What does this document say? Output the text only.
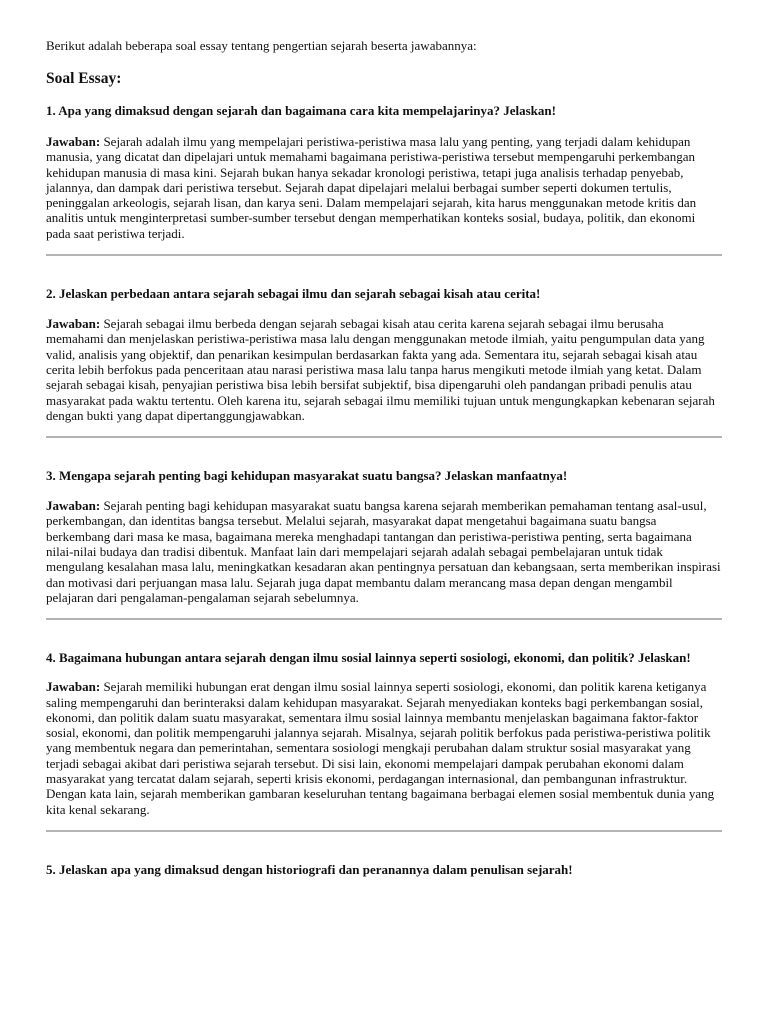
Berikut adalah beberapa soal essay tentang pengertian sejarah beserta jawabannya:

Soal Essay:

1. Apa yang dimaksud dengan sejarah dan bagaimana cara kita mempelajarinya? Jelaskan!

Jawaban: Sejarah adalah ilmu yang mempelajari peristiwa-peristiwa masa lalu yang penting, yang terjadi dalam kehidupan manusia, yang dicatat dan dipelajari untuk memahami bagaimana peristiwa-peristiwa tersebut mempengaruhi perkembangan kehidupan manusia di masa kini. Sejarah bukan hanya sekadar kronologi peristiwa, tetapi juga analisis terhadap penyebab, jalannya, dan dampak dari peristiwa tersebut. Sejarah dapat dipelajari melalui berbagai sumber seperti dokumen tertulis, peninggalan arkeologis, sejarah lisan, dan karya seni. Dalam mempelajari sejarah, kita harus menggunakan metode kritis dan analitis untuk menginterpretasi sumber-sumber tersebut dengan memperhatikan konteks sosial, budaya, politik, dan ekonomi pada saat peristiwa terjadi.

2. Jelaskan perbedaan antara sejarah sebagai ilmu dan sejarah sebagai kisah atau cerita!

Jawaban: Sejarah sebagai ilmu berbeda dengan sejarah sebagai kisah atau cerita karena sejarah sebagai ilmu berusaha memahami dan menjelaskan peristiwa-peristiwa masa lalu dengan menggunakan metode ilmiah, yaitu pengumpulan data yang valid, analisis yang objektif, dan penarikan kesimpulan berdasarkan fakta yang ada. Sementara itu, sejarah sebagai kisah atau cerita lebih berfokus pada penceritaan atau narasi peristiwa masa lalu tanpa harus mengikuti metode ilmiah yang ketat. Dalam sejarah sebagai kisah, penyajian peristiwa bisa lebih bersifat subjektif, bisa dipengaruhi oleh pandangan pribadi penulis atau masyarakat pada waktu tertentu. Oleh karena itu, sejarah sebagai ilmu memiliki tujuan untuk mengungkapkan kebenaran sejarah dengan bukti yang dapat dipertanggungjawabkan.

3. Mengapa sejarah penting bagi kehidupan masyarakat suatu bangsa? Jelaskan manfaatnya!

Jawaban: Sejarah penting bagi kehidupan masyarakat suatu bangsa karena sejarah memberikan pemahaman tentang asal-usul, perkembangan, dan identitas bangsa tersebut. Melalui sejarah, masyarakat dapat mengetahui bagaimana suatu bangsa berkembang dari masa ke masa, bagaimana mereka menghadapi tantangan dan peristiwa-peristiwa penting, serta bagaimana nilai-nilai budaya dan tradisi dibentuk. Manfaat lain dari mempelajari sejarah adalah sebagai pembelajaran untuk tidak mengulang kesalahan masa lalu, meningkatkan kesadaran akan pentingnya persatuan dan kebangsaan, serta memberikan inspirasi dan motivasi dari perjuangan masa lalu. Sejarah juga dapat membantu dalam merancang masa depan dengan mengambil pelajaran dari pengalaman-pengalaman sejarah sebelumnya.

4. Bagaimana hubungan antara sejarah dengan ilmu sosial lainnya seperti sosiologi, ekonomi, dan politik? Jelaskan!

Jawaban: Sejarah memiliki hubungan erat dengan ilmu sosial lainnya seperti sosiologi, ekonomi, dan politik karena ketiganya saling mempengaruhi dan berinteraksi dalam kehidupan masyarakat. Sejarah menyediakan konteks bagi perkembangan sosial, ekonomi, dan politik dalam suatu masyarakat, sementara ilmu sosial lainnya membantu menjelaskan bagaimana faktor-faktor sosial, ekonomi, dan politik mempengaruhi jalannya sejarah. Misalnya, sejarah politik berfokus pada peristiwa-peristiwa politik yang membentuk negara dan pemerintahan, sementara sosiologi mengkaji perubahan dalam struktur sosial masyarakat yang terjadi sebagai akibat dari peristiwa sejarah tersebut. Di sisi lain, ekonomi mempelajari dampak perubahan ekonomi dalam masyarakat yang tercatat dalam sejarah, seperti krisis ekonomi, perdagangan internasional, dan pembangunan infrastruktur. Dengan kata lain, sejarah memberikan gambaran keseluruhan tentang bagaimana berbagai elemen sosial membentuk dunia yang kita kenal sekarang.

5. Jelaskan apa yang dimaksud dengan historiografi dan peranannya dalam penulisan sejarah!
